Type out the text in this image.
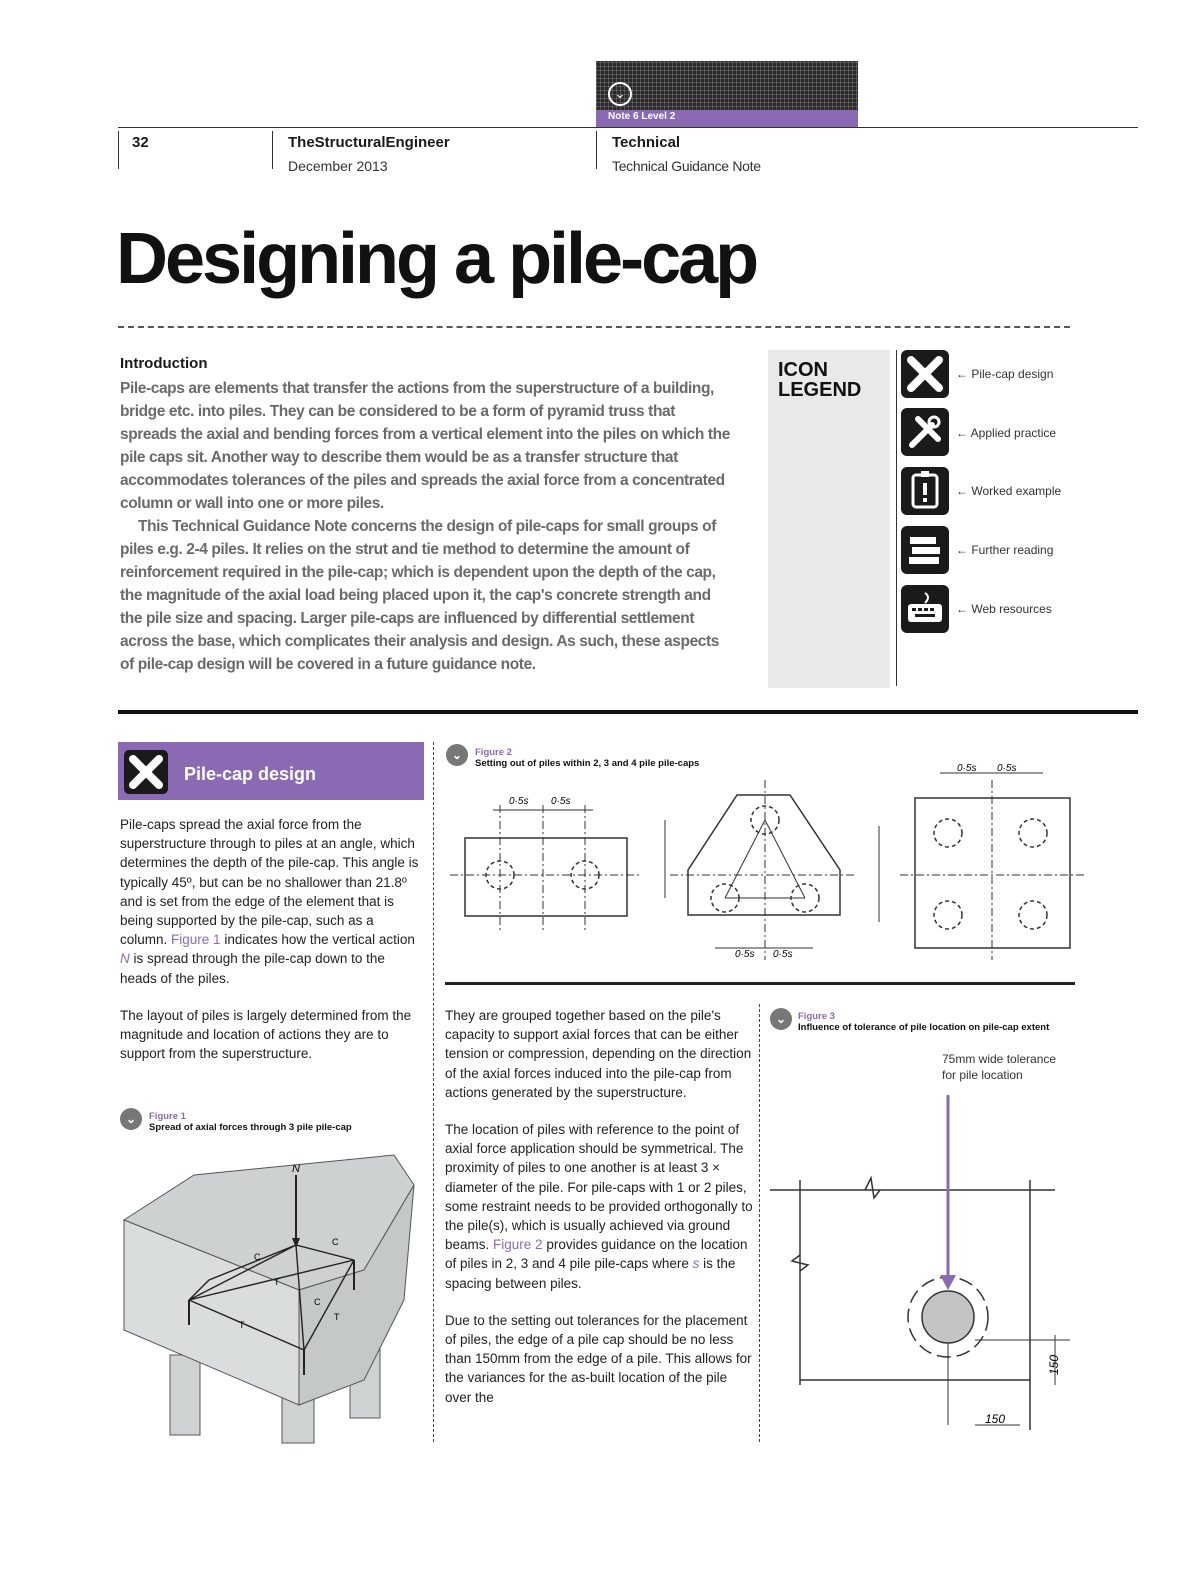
⌄
Note 6 Level 2
32	TheStructuralEngineer
December 2013
Technical
Technical Guidance Note
Designing a pile-cap
Introduction

Pile-caps are elements that transfer the actions from the superstructure of a building, bridge etc. into piles. They can be considered to be a form of pyramid truss that spreads the axial and bending forces from a vertical element into the piles on which the pile caps sit. Another way to describe them would be as a transfer structure that accommodates tolerances of the piles and spreads the axial force from a concentrated column or wall into one or more piles.

This Technical Guidance Note concerns the design of pile-caps for small groups of piles e.g. 2-4 piles. It relies on the strut and tie method to determine the amount of reinforcement required in the pile-cap; which is dependent upon the depth of the cap, the magnitude of the axial load being placed upon it, the cap's concrete strength and the pile size and spacing. Larger pile-caps are influenced by differential settlement across the base, which complicates their analysis and design. As such, these aspects of pile-cap design will be covered in a future guidance note.

ICON
LEGEND
← Pile-cap design
← Applied practice
← Worked example
← Further reading
← Web resources
Pile-cap design

Pile-caps spread the axial force from the superstructure through to piles at an angle, which determines the depth of the pile-cap. This angle is typically 45º, but can be no shallower than 21.8º and is set from the edge of the element that is being supported by the pile-cap, such as a column. Figure 1 indicates how the vertical action N is spread through the pile-cap down to the heads of the piles.

The layout of piles is largely determined from the magnitude and location of actions they are to support from the superstructure.

⌄	Figure 1
Spread of axial forces through 3 pile pile-cap
N
C
C
C
T
T
T
⌄	Figure 2
Setting out of piles within 2, 3 and 4 pile pile-caps
0·5s 0·5s
0·5s 0·5s
0·5s 0·5s

They are grouped together based on the pile's capacity to support axial forces that can be either tension or compression, depending on the direction of the axial forces induced into the pile-cap from actions generated by the superstructure.

The location of piles with reference to the point of axial force application should be symmetrical. The proximity of piles to one another is at least 3 × diameter of the pile. For pile-caps with 1 or 2 piles, some restraint needs to be provided orthogonally to the pile(s), which is usually achieved via ground beams. Figure 2 provides guidance on the location of piles in 2, 3 and 4 pile pile-caps where s is the spacing between piles.

Due to the setting out tolerances for the placement of piles, the edge of a pile cap should be no less than 150mm from the edge of a pile. This allows for the variances for the as-built location of the pile over the

⌄	Figure 3
Influence of tolerance of pile location on pile-cap extent
75mm wide tolerance
for pile location
150
150
